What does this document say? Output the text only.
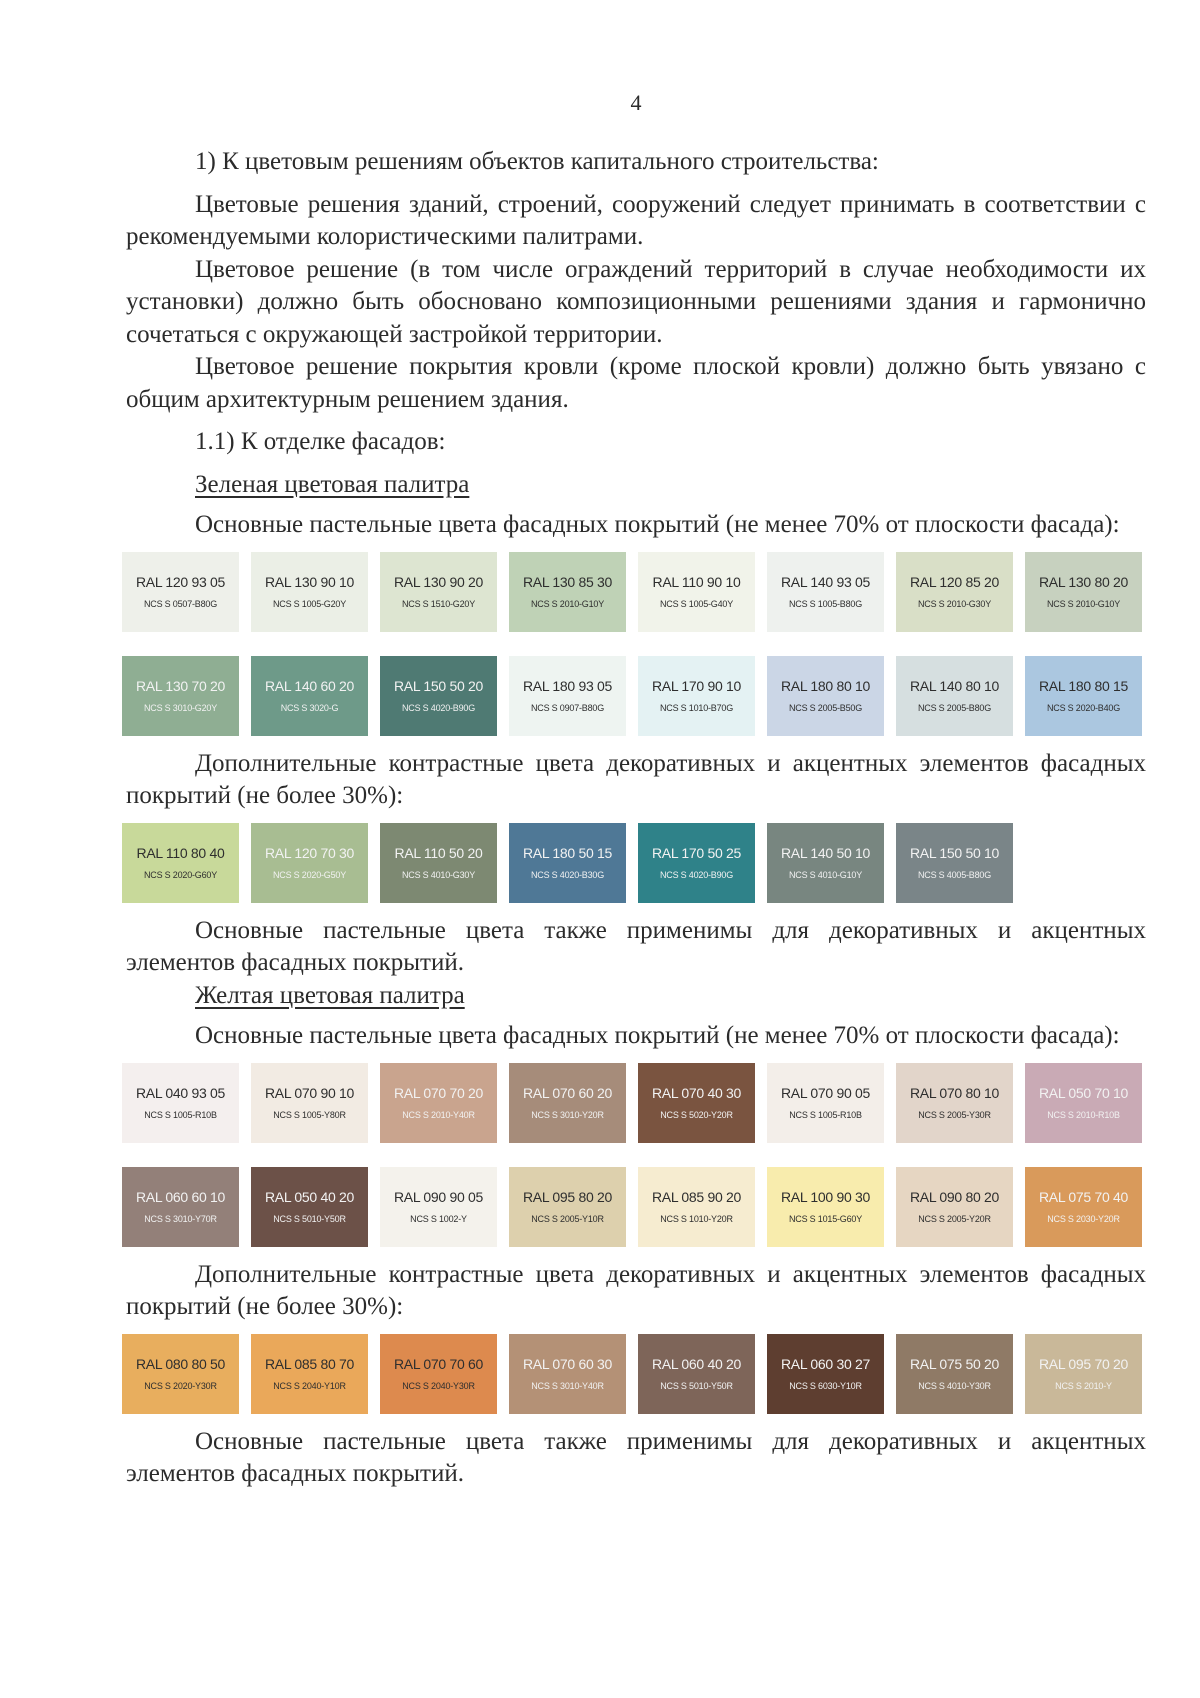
4

1) К цветовым решениям объектов капитального строительства:

Цветовые решения зданий, строений, сооружений следует принимать в соответствии с рекомендуемыми колористическими палитрами.

Цветовое решение (в том числе ограждений территорий в случае необходимости их установки) должно быть обосновано композиционными решениями здания и гармонично сочетаться с окружающей застройкой территории.

Цветовое решение покрытия кровли (кроме плоской кровли) должно быть увязано с общим архитектурным решением здания.

1.1) К отделке фасадов:

Зеленая цветовая палитра

Основные пастельные цвета фасадных покрытий (не менее 70% от плоскости фасада):

RAL 120 93 05
NCS S 0507-B80G
RAL 130 90 10
NCS S 1005-G20Y
RAL 130 90 20
NCS S 1510-G20Y
RAL 130 85 30
NCS S 2010-G10Y
RAL 110 90 10
NCS S 1005-G40Y
RAL 140 93 05
NCS S 1005-B80G
RAL 120 85 20
NCS S 2010-G30Y
RAL 130 80 20
NCS S 2010-G10Y
RAL 130 70 20
NCS S 3010-G20Y
RAL 140 60 20
NCS S 3020-G
RAL 150 50 20
NCS S 4020-B90G
RAL 180 93 05
NCS S 0907-B80G
RAL 170 90 10
NCS S 1010-B70G
RAL 180 80 10
NCS S 2005-B50G
RAL 140 80 10
NCS S 2005-B80G
RAL 180 80 15
NCS S 2020-B40G

Дополнительные контрастные цвета декоративных и акцентных элементов фасадных покрытий (не более 30%):

RAL 110 80 40
NCS S 2020-G60Y
RAL 120 70 30
NCS S 2020-G50Y
RAL 110 50 20
NCS S 4010-G30Y
RAL 180 50 15
NCS S 4020-B30G
RAL 170 50 25
NCS S 4020-B90G
RAL 140 50 10
NCS S 4010-G10Y
RAL 150 50 10
NCS S 4005-B80G

Основные пастельные цвета также применимы для декоративных и акцентных элементов фасадных покрытий.

Желтая цветовая палитра

Основные пастельные цвета фасадных покрытий (не менее 70% от плоскости фасада):

RAL 040 93 05
NCS S 1005-R10B
RAL 070 90 10
NCS S 1005-Y80R
RAL 070 70 20
NCS S 2010-Y40R
RAL 070 60 20
NCS S 3010-Y20R
RAL 070 40 30
NCS S 5020-Y20R
RAL 070 90 05
NCS S 1005-R10B
RAL 070 80 10
NCS S 2005-Y30R
RAL 050 70 10
NCS S 2010-R10B
RAL 060 60 10
NCS S 3010-Y70R
RAL 050 40 20
NCS S 5010-Y50R
RAL 090 90 05
NCS S 1002-Y
RAL 095 80 20
NCS S 2005-Y10R
RAL 085 90 20
NCS S 1010-Y20R
RAL 100 90 30
NCS S 1015-G60Y
RAL 090 80 20
NCS S 2005-Y20R
RAL 075 70 40
NCS S 2030-Y20R

Дополнительные контрастные цвета декоративных и акцентных элементов фасадных покрытий (не более 30%):

RAL 080 80 50
NCS S 2020-Y30R
RAL 085 80 70
NCS S 2040-Y10R
RAL 070 70 60
NCS S 2040-Y30R
RAL 070 60 30
NCS S 3010-Y40R
RAL 060 40 20
NCS S 5010-Y50R
RAL 060 30 27
NCS S 6030-Y10R
RAL 075 50 20
NCS S 4010-Y30R
RAL 095 70 20
NCS S 2010-Y

Основные пастельные цвета также применимы для декоративных и акцентных элементов фасадных покрытий.
